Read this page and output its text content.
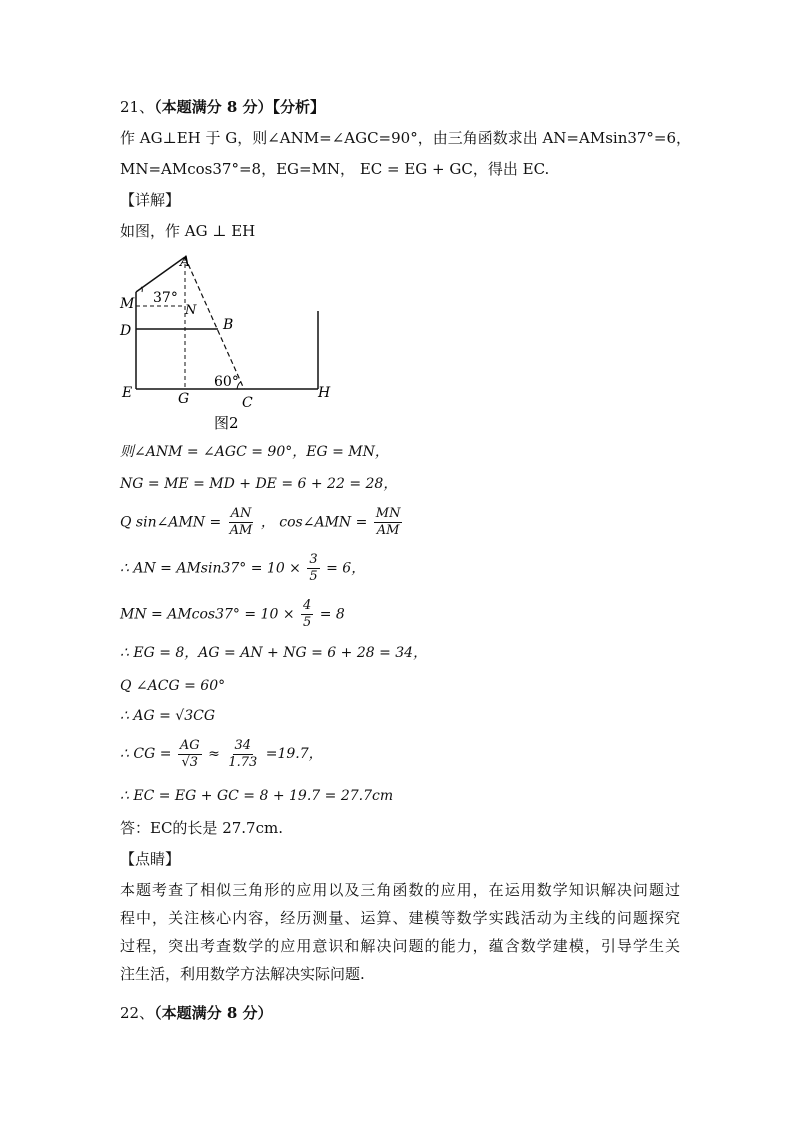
21、（本题满分 8 分）【分析】
作 AG⊥EH 于 G，则∠ANM=∠AGC=90°，由三角函数求出 AN=AMsin37°=6，
MN=AMcos37°=8，EG=MN， EC = EG + GC，得出 EC.
【详解】
如图，作 AG ⊥ EH
A
M 37°
N
D	B
60°
E	G	C
H
图2
则∠ANM = ∠AGC = 90°，EG = MN，
NG = ME = MD + DE = 6 + 22 = 28，
Q sin∠AMN = $\frac{AN}{AM}$ ， cos∠AMN = $\frac{MN}{AM}$
∴ AN = $AMsin37^\circ = 10 \times \frac{3}{5} = 6$，
MN = $AMcos37^\circ = 10 \times \frac{4}{5} = 8$
∴ EG = 8，AG = AN + NG = 6 + 28 = 34，
Q ∠ACG = 60°
∴ AG = √3CG
∴ CG = $\frac{AG}{√3} \approx \frac{34}{1.73} =19.7$，
∴ EC = EG + GC = 8 + 19.7 = 27.7cm
答：EC的长是 27.7cm.
【点睛】
本题考查了相似三角形的应用以及三角函数的应用，在运用数学知识解决问题过
程中，关注核心内容，经历测量、运算、建模等数学实践活动为主线的问题探究
过程，突出考查数学的应用意识和解决问题的能力，蕴含数学建模，引导学生关
注生活，利用数学方法解决实际问题.
22、（本题满分 8 分）
